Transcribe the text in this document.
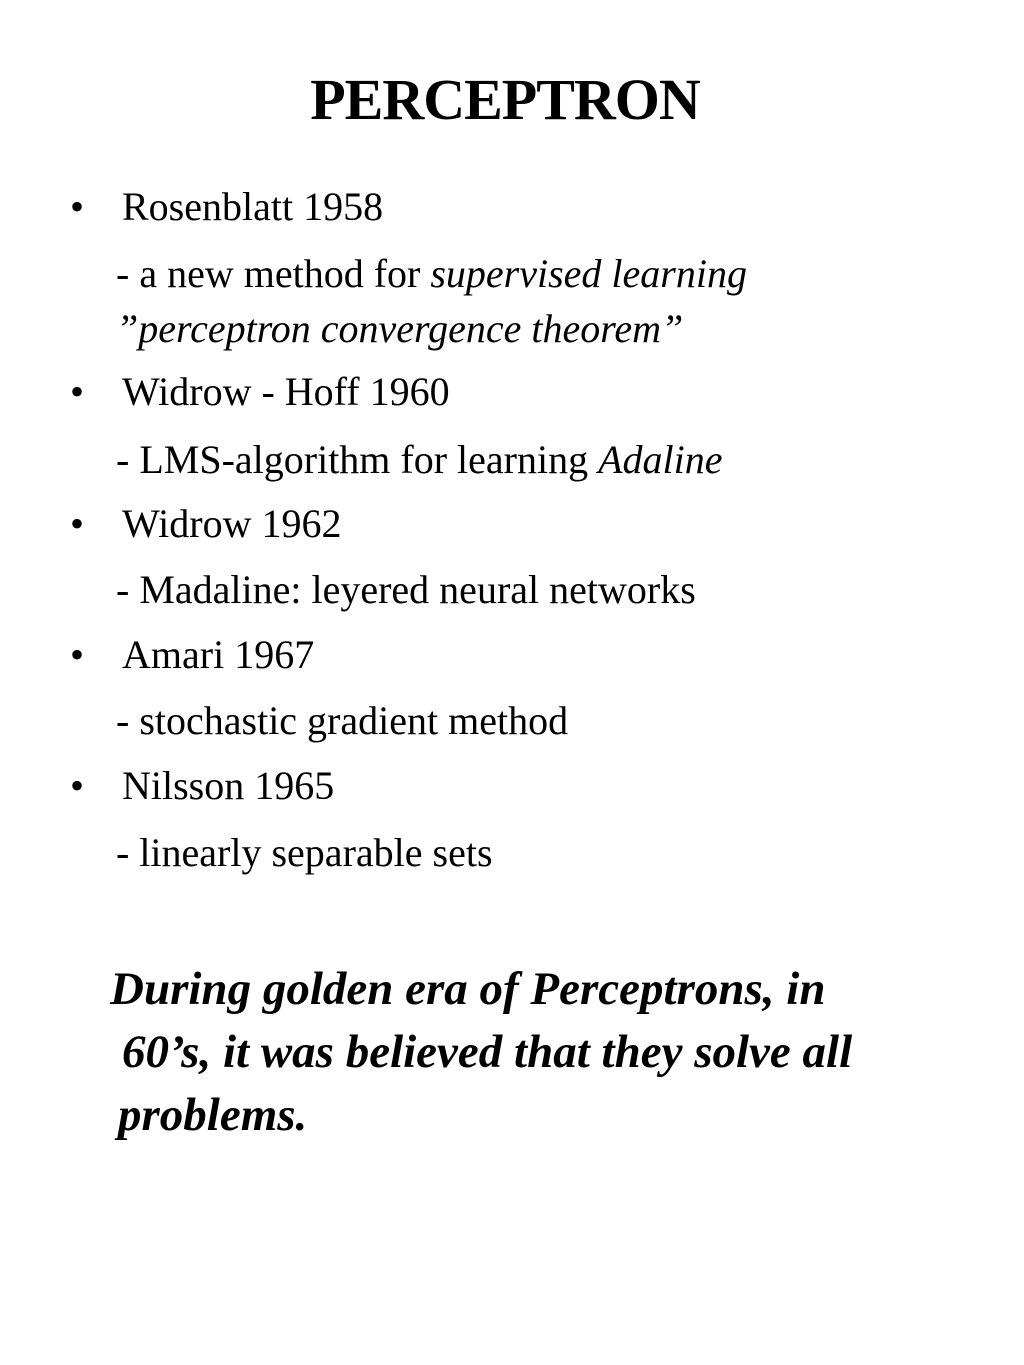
PERCEPTRON
• Rosenblatt 1958
- a new method for supervised learning
”perceptron convergence theorem”
• Widrow - Hoff 1960
- LMS-algorithm for learning Adaline
• Widrow 1962
- Madaline: leyered neural networks
• Amari 1967
- stochastic gradient method
• Nilsson 1965
- linearly separable sets
During golden era of Perceptrons, in
60’s, it was believed that they solve all
problems.
